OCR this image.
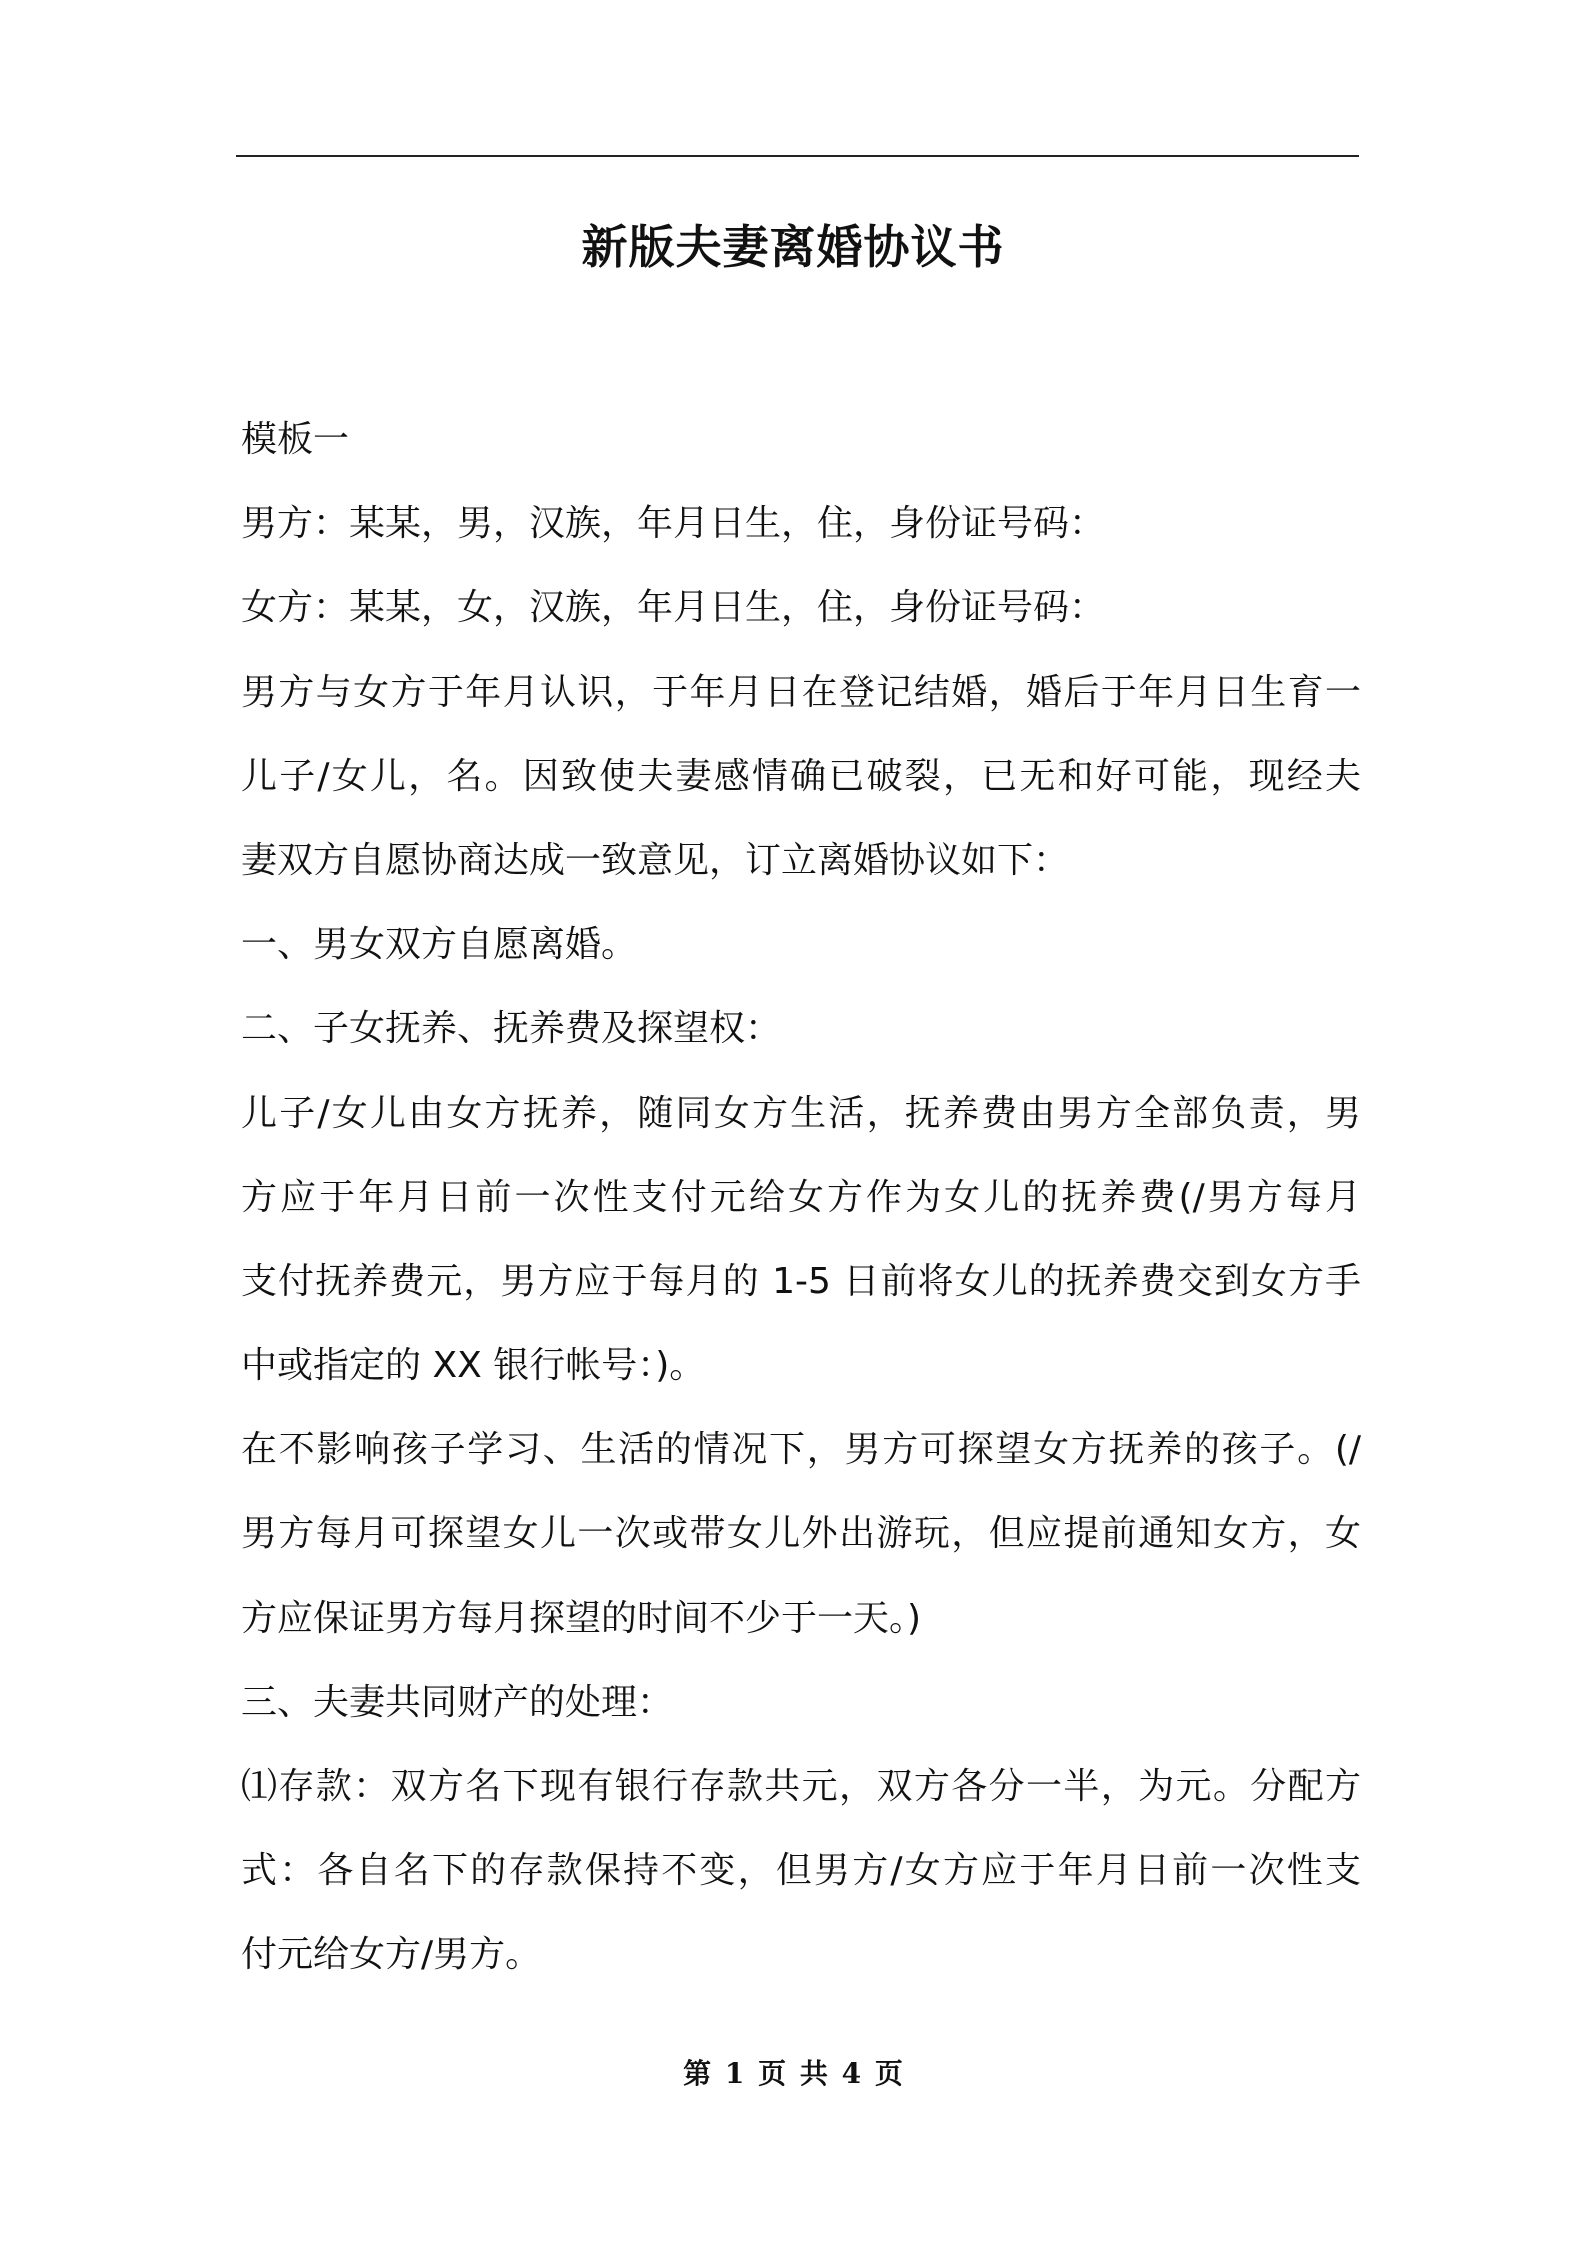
新版夫妻离婚协议书
模板一
男方：某某，男，汉族，年月日生，住，身份证号码：
女方：某某，女，汉族，年月日生，住，身份证号码：
男方与女方于年月认识，于年月日在登记结婚，婚后于年月日生育一
儿子/女儿，名。因致使夫妻感情确已破裂，已无和好可能，现经夫
妻双方自愿协商达成一致意见，订立离婚协议如下：
一、男女双方自愿离婚。
二、子女抚养、抚养费及探望权：
儿子/女儿由女方抚养，随同女方生活，抚养费由男方全部负责，男
方应于年月日前一次性支付元给女方作为女儿的抚养费(/男方每月
支付抚养费元，男方应于每月的 1-5 日前将女儿的抚养费交到女方手
中或指定的 XX 银行帐号：)。
在不影响孩子学习、生活的情况下，男方可探望女方抚养的孩子。(/
男方每月可探望女儿一次或带女儿外出游玩，但应提前通知女方，女
方应保证男方每月探望的时间不少于一天。)
三、夫妻共同财产的处理：
⑴存款：双方名下现有银行存款共元，双方各分一半，为元。分配方
式：各自名下的存款保持不变，但男方/女方应于年月日前一次性支
付元给女方/男方。
第 1 页 共 4 页
